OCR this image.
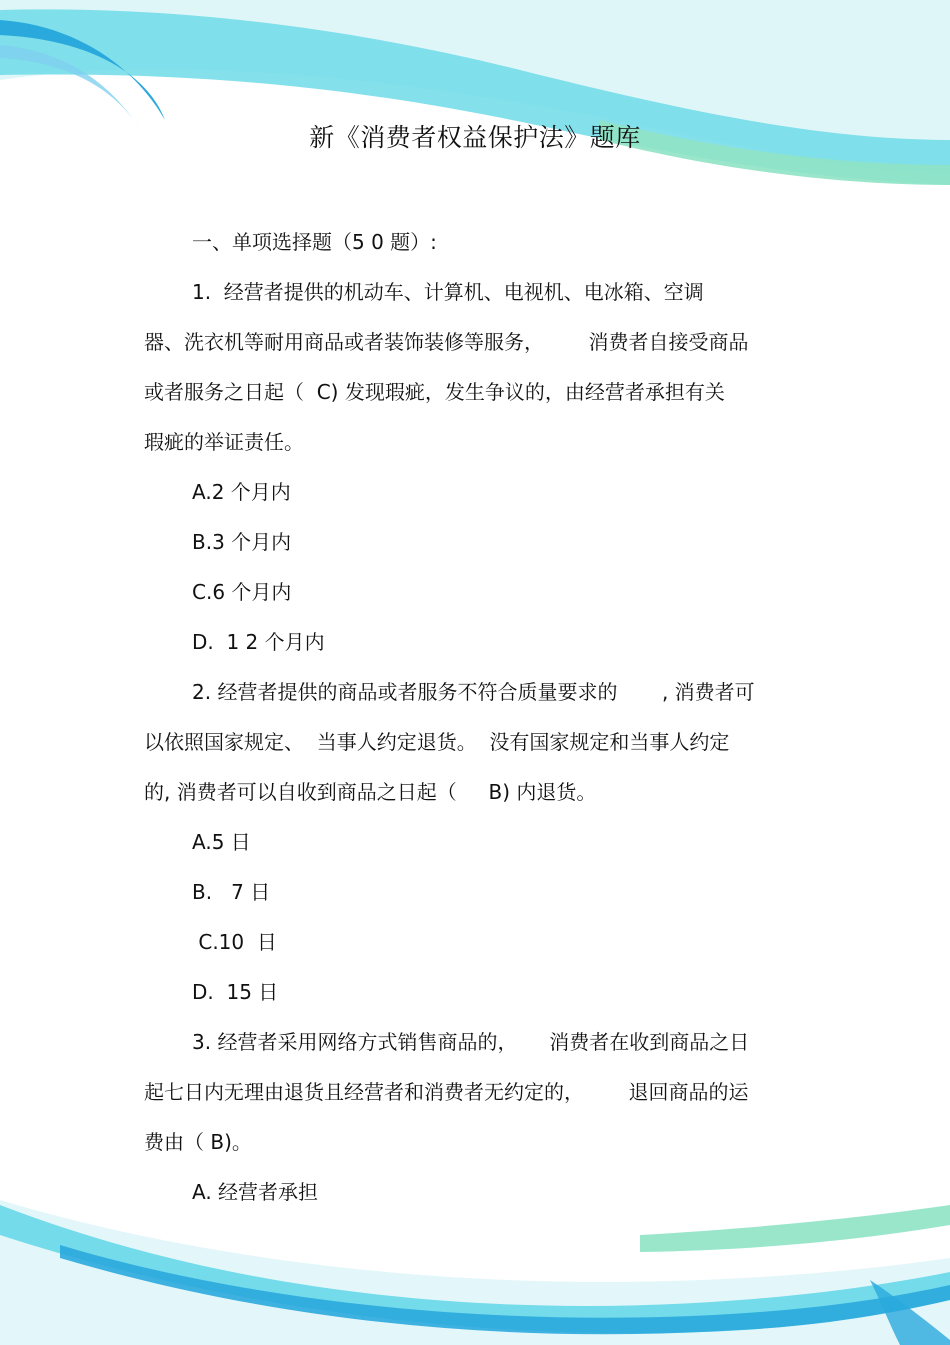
新《消费者权益保护法》题库
一、单项选择题（5 0 题）:
1.  经营者提供的机动车、计算机、电视机、电冰箱、空调
器、洗衣机等耐用商品或者装饰装修等服务，       消费者自接受商品
或者服务之日起（  C) 发现瑕疵，发生争议的，由经营者承担有关
瑕疵的举证责任。
A.2 个月内
B.3 个月内
C.6 个月内
D.  1 2 个月内
2. 经营者提供的商品或者服务不符合质量要求的       , 消费者可
以依照国家规定、  当事人约定退货。  没有国家规定和当事人约定
的, 消费者可以自收到商品之日起（     B) 内退货。
A.5 日
B.   7 日
C.10  日
D.  15 日
3. 经营者采用网络方式销售商品的，     消费者在收到商品之日
起七日内无理由退货且经营者和消费者无约定的，       退回商品的运
费由（ B)。
A. 经营者承担
